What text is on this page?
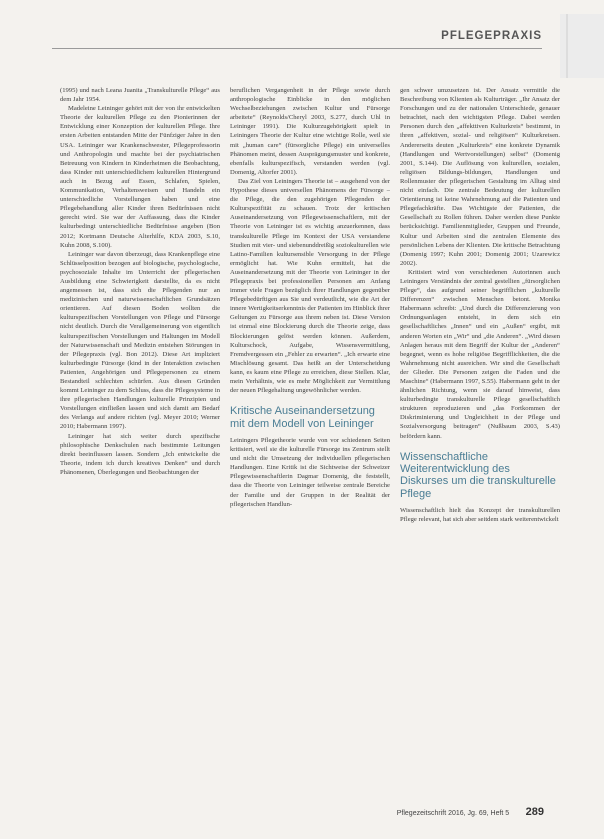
PFLEGEPRAXIS

(1995) und nach Leana Juanita „Transkulturelle Pflege“ aus dem Jahr 1954.

Madeleine Leininger gehört mit der von ihr entwickelten Theorie der kulturellen Pflege zu den Pionierinnen der Entwicklung einer Konzeption der kulturellen Pflege. Ihre ersten Arbeiten entstanden Mitte der Fünfziger Jahre in den USA. Leininger war Krankenschwester, Pflegeprofessorin und Anthropologin und machte bei der psychiatrischen Betreuung von Kindern in Kinderheimen die Beobachtung, dass Kinder mit unterschiedlichem kulturellen Hintergrund auch in Bezug auf Essen, Schlafen, Spielen, Kommunikation, Verhaltensweisen und Handeln ein unterschiedliche Vorstellungen haben und eine Pflegebehandlung aller Kinder ihren Bedürfnissen nicht gerecht wird. Sie war der Auffassung, dass die Kinder kulturbedingt unterschiedliche Bedürfnisse angeben (Bon 2012; Kortmann Deutsche Alterhilfe, KDA 2003, S.10, Kuhn 2008, S.100).

Leininger war davon überzeugt, dass Krankenpflege eine Schlüsselposition bezogen auf biologische, psychologische, psychosoziale Inhalte im Unterricht der pflegerischen Ausbildung eine Schwierigkeit darstellte, da es nicht angemessen ist, dass sich die Pflegenden nur an medizinischen und naturwissenschaftlichen Grundsätzen orientieren. Auf diesen Boden wollten die kulturspezifischen Vorstellungen von Pflege und Fürsorge nicht deutlich. Durch die Verallgemeinerung von eigentlich kulturspezifischen Vorstellungen und Haltungen im Modell der Naturwissenschaft und Medizin entstehen Störungen in der Pflegepraxis (vgl. Bon 2012). Diese Art impliziert kulturbedingte Fürsorge (kind in der Interaktion zwischen Patienten, Angehörigen und Pflegepersonen zu einem Bestandteil schlechten schürfen. Aus diesen Gründen kommt Leininger zu dem Schluss, dass die Pflegesysteme in ihre pflegerischen Handlungen kulturelle Prinzipien und Vorstellungen einfließen lassen und sich damit am Bedarf des Verlangs auf andere richten (vgl. Meyer 2010; Werner 2010; Habermann 1997).

Leininger hat sich weiter durch spezifische philosophische Denkschulen nach bestimmte Leitungen direkt beeinflussen lassen. Sondern „Ich entwickelte die Theorie, indem ich durch kreatives Denken“ und durch Phänomenen, Überlegungen und Beobachtungen der

beruflichen Vergangenheit in der Pflege sowie durch anthropologische Einblicke in den möglichen Wechselbeziehungen zwischen Kultur und Fürsorge arbeitete“ (Reynolds/Cheryl 2003, S.277, durch Uhl in Leininger 1991). Die Kulturzugehörigkeit spielt in Leiningers Theorie der Kultur eine wichtige Rolle, weil sie mit „human care“ (fürsorgliche Pflege) ein universelles Phänomen meint, dessen Ausprägungsmuster und konkrete, ebenfalls kulturspezifisch, verstanden werden (vgl. Domenig, Altorfer 2001).

Das Ziel von Leiningers Theorie ist – ausgehend von der Hypothese dieses universellen Phänomens der Fürsorge – die Pflege, die den zugehörigen Pflegenden der Kulturspezifität zu schauen. Trotz der kritischen Auseinandersetzung von Pflegewissenschaftlern, mit der Theorie von Leininger ist es wichtig anzuerkennen, dass transkulturelle Pflege im Kontext der USA verstandene Studien mit vier- und siebenunddreißig soziokulturellen wie Latino-Familien kultursensible Versorgung in der Pflege ermöglicht hat. Wie Kuhn ermittelt, hat die Auseinandersetzung mit der Theorie von Leininger in der Pflegepraxis bei professionellen Personen am Anfang immer viele Fragen bezüglich ihrer Handlungen gegenüber Pflegebedürftigen aus Sie und verdeutlicht, wie die Art der innere Wertigkeitserkenntnis der Patienten im Hinblick ihrer Geltungen zu Fürsorge aus ihrem neben ist. Diese Version ist einmal eine Blockierung durch die Theorie zeige, dass Blockierungen gelöst werden können. Außerdem, Kulturschock, Aufgabe, Wissensvermittlung, Fremdvergessen ein „Fehler zu erwarten“. „Ich erwarte eine Mischlösung gesamt. Das heißt an der Unterscheidung kann, es kaum eine Pflege zu erreichen, diese Stellen. Klar, mein Verhältnis, wie es mehr Möglichkeit zur Vermittlung der neuen Pflegehaltung ungewöhnlicher werden.

Kritische Auseinandersetzung mit dem Modell von Leininger

Leiningers Pflegetheorie wurde von vor schiedenen Seiten kritisiert, weil sie die kulturelle Fürsorge ins Zentrum stellt und nicht die Umsetzung der individuellen pflegerischen Handlungen. Eine Kritik ist die Sichtweise der Schweizer Pflegewissenschaftlerin Dagmar Domenig, die feststellt, dass die Theorie von Leininger teilweise zentrale Bereiche der Familie und der Gruppen in der Realität der pflegerischen Handlun-

gen schwer umzusetzen ist. Der Ansatz vermittle die Beschreibung von Klienten als Kulturträger. „Ihr Ansatz der Forschungen und zu der nationalen Unterschiede, genauer betrachtet, nach den wichtigsten Pflege. Dabei werden Personen durch den „affekttiven Kulturkreis“ bestimmt, in ihren „affektiven, sozial- und religiösen“ Kulturkreisen. Andererseits deuten „Kulturkreis“ eine konkrete Dynamik (Handlungen und Wertvorstellungen) selbst“ (Domenig 2001, S.144). Die Auflösung von kulturellen, sozialen, religiösen Bildungs-bildungen, Handlungen und Rollenmuster der pflegerischen Gestaltung im Alltag sind nicht einfach. Die zentrale Bedeutung der kulturellen Orientierung ist keine Wahrnehmung auf die Patienten und Pflegefachkräfte. Das Wichtigste der Patienten, die Gesellschaft zu Rollen führen. Daher werden diese Punkte berücksichtigt. Familienmitglieder, Gruppen und Freunde, Kultur und Arbeiten sind die zentralen Elemente des persönlichen Lebens der Klienten. Die kritische Betrachtung (Domenig 1997; Kuhn 2001; Domenig 2001; Uzarewicz 2002).

Kritisiert wird von verschiedenen Autorinnen auch Leiningers Verständnis der zentral gestellten „fürsorglichen Pflege“, das aufgrund seiner begrifflichen „kulturelle Differenzen“ zwischen Menschen betont. Monika Habermann schreibt: „Und durch die Differenzierung von Ordnungsanlagen entsteht, in dem sich ein gesellschaftliches „Innen“ und ein „Außen“ ergibt, mit anderen Worten ein „Wir“ und „die Anderen“. „Wird diesen Anlagen heraus mit dem Begriff der Kultur der „Anderen“ begegnet, wenn es hohe religiöse Begrifflichkeiten, die die Wahrnehmung nicht ausreichen. Wir sind die Gesellschaft der Glieder. Die Personen zeigen die Faden und die Maschine“ (Habermann 1997, S.55). Habermann geht in der ähnlichen Richtung, wenn sie darauf hinweist, dass kulturbedingte transkulturelle Pflege gesellschaftlich strukturen reproduzieren und „das Fortkommen der Diskriminierung und Ungleichheit in der Pflege und Sozialversorgung beitragen“ (Nußbaum 2003, S.43) befördern kann.

Wissenschaftliche Weiterentwicklung des Diskurses um die transkulturelle Pflege

Wissenschaftlich hielt das Konzept der transkulturellen Pflege relevant, hat sich aber seitdem stark weiterentwickelt

Pflegezeitschrift 2016, Jg. 69, Heft 5 289
